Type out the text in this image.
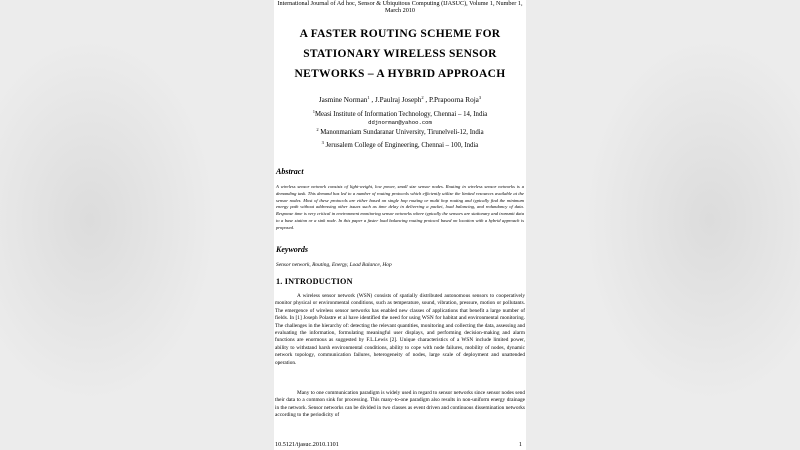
International Journal of Ad hoc, Sensor & Ubiquitous Computing (IJASUC), Volume 1, Number 1, March 2010
A FASTER ROUTING SCHEME FOR
STATIONARY WIRELESS SENSOR
NETWORKS – A HYBRID APPROACH
Jasmine Norman$^1$ , J.Paulraj Joseph$^2$ , P.Prapoorna Roja$^3$
$^1$Measi Institute of Information Technology, Chennai – 14, India
ddjnorman@yahoo.com
$^2$ Manonmaniam Sundaranar University, Tirunelveli-12, India
$^3$ Jerusalem College of Engineering, Chennai – 100, India
Abstract
A wireless sensor network consists of light-weight, low power, small size sensor nodes. Routing in wireless sensor networks is a demanding task. This demand has led to a number of routing protocols which efficiently utilize the limited resources available at the sensor nodes. Most of these protocols are either based on single hop routing or multi hop routing and typically find the minimum energy path without addressing other issues such as time delay in delivering a packet, load balancing, and redundancy of data. Response time is very critical in environment monitoring sensor networks where typically the sensors are stationary and transmit data to a base station or a sink node. In this paper a faster load balancing routing protocol based on location with a hybrid approach is proposed.
Keywords
Sensor network, Routing, Energy, Load Balance, Hop
1. INTRODUCTION
A wireless sensor network (WSN) consists of spatially distributed autonomous sensors to cooperatively monitor physical or environmental conditions, such as temperature, sound, vibration, pressure, motion or pollutants. The emergence of wireless sensor networks has enabled new classes of applications that benefit a large number of fields. In [1] Joseph Polastre et al have identified the need for using WSN for habitat and environmental monitoring. The challenges in the hierarchy of: detecting the relevant quantities, monitoring and collecting the data, assessing and evaluating the information, formulating meaningful user displays, and performing decision-making and alarm functions are enormous as suggested by F.L.Lewis [2]. Unique characteristics of a WSN include limited power, ability to withstand harsh environmental conditions, ability to cope with node failures, mobility of nodes, dynamic network topology, communication failures, heterogeneity of nodes, large scale of deployment and unattended operation.
Many to one communication paradigm is widely used in regard to sensor networks since sensor nodes send their data to a common sink for processing. This many-to-one paradigm also results in non-uniform energy drainage in the network. Sensor networks can be divided in two classes as event driven and continuous dissemination networks according to the periodicity of
10.5121/ijasuc.2010.1101	1
